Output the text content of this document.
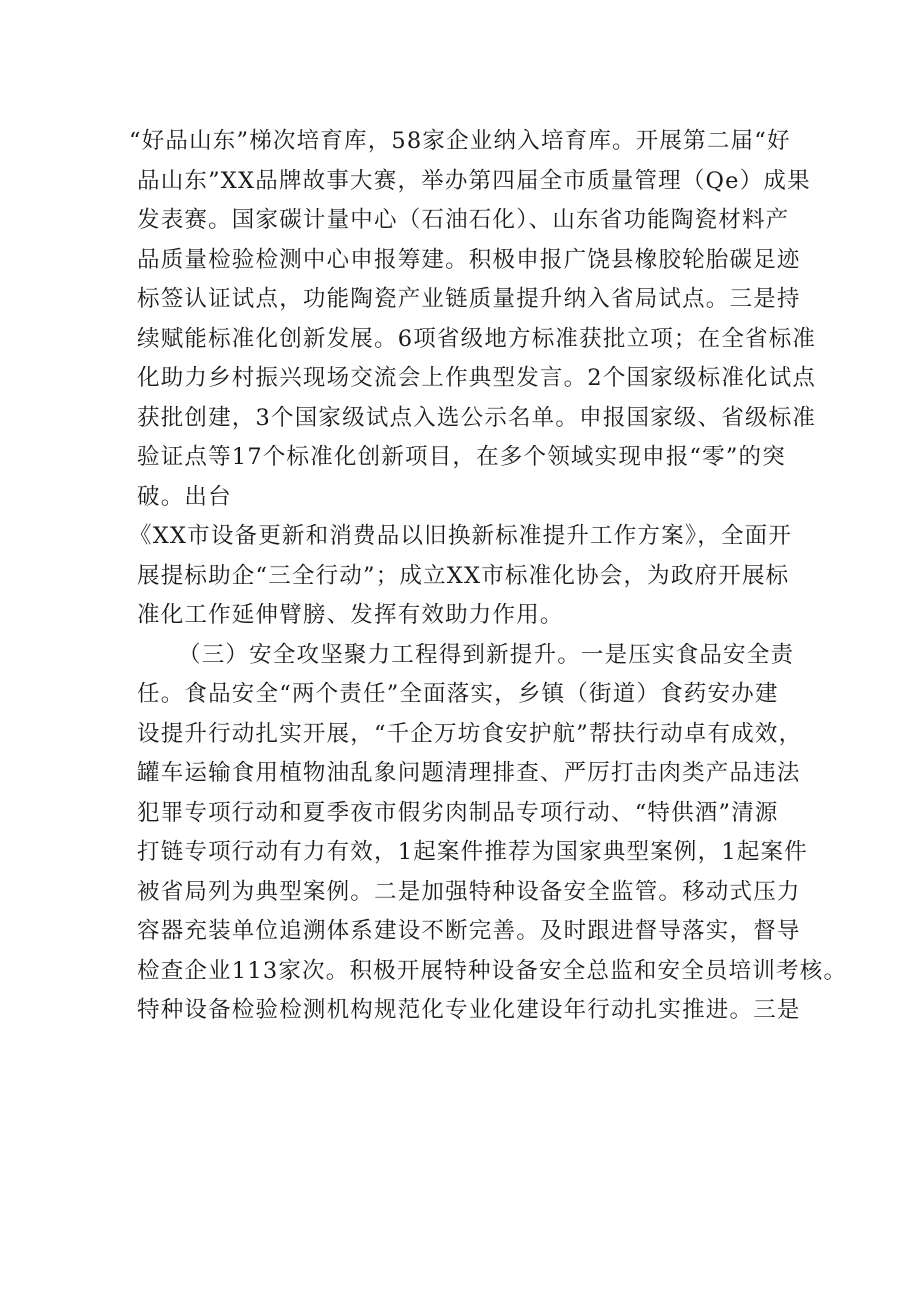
“好品山东”梯次培育库，58家企业纳入培育库。开展第二届“好
品山东”XX品牌故事大赛，举办第四届全市质量管理（Qe）成果
发表赛。国家碳计量中心（石油石化）、山东省功能陶瓷材料产
品质量检验检测中心申报筹建。积极申报广饶县橡胶轮胎碳足迹
标签认证试点，功能陶瓷产业链质量提升纳入省局试点。三是持
续赋能标准化创新发展。6项省级地方标准获批立项；在全省标准
化助力乡村振兴现场交流会上作典型发言。2个国家级标准化试点
获批创建，3个国家级试点入选公示名单。申报国家级、省级标准
验证点等17个标准化创新项目，在多个领域实现申报“零”的突
破。出台
《XX市设备更新和消费品以旧换新标准提升工作方案》，全面开
展提标助企“三全行动”；成立XX市标准化协会，为政府开展标
准化工作延伸臂膀、发挥有效助力作用。
（三）安全攻坚聚力工程得到新提升。一是压实食品安全责
任。食品安全“两个责任”全面落实，乡镇（街道）食药安办建
设提升行动扎实开展，“千企万坊食安护航”帮扶行动卓有成效，
罐车运输食用植物油乱象问题清理排查、严厉打击肉类产品违法
犯罪专项行动和夏季夜市假劣肉制品专项行动、“特供酒”清源
打链专项行动有力有效，1起案件推荐为国家典型案例，1起案件
被省局列为典型案例。二是加强特种设备安全监管。移动式压力
容器充装单位追溯体系建设不断完善。及时跟进督导落实，督导
检查企业113家次。积极开展特种设备安全总监和安全员培训考核。
特种设备检验检测机构规范化专业化建设年行动扎实推进。三是
